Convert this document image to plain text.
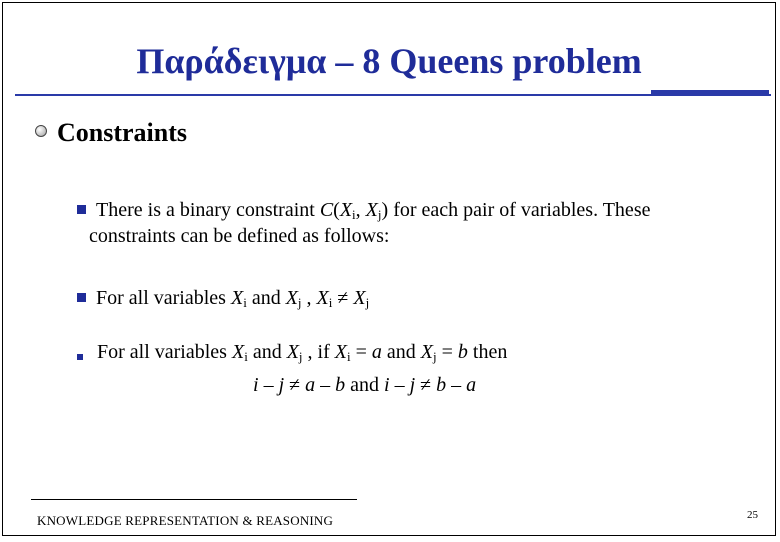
Παράδειγμα – 8 Queens problem
Constraints
There is a binary constraint $C(X_i$, $X_j$) for each pair of variables. These
constraints can be defined as follows:
For all variables $X_i$ and $X_j$ , $X_i \ne X_j$
For all variables $X_i$ and $X_j$ , if $X_i = a$ and $X_j = b$ then
i – j ≠ a – b and i – j ≠ b – a
KNOWLEDGE REPRESENTATION & REASONING	25
